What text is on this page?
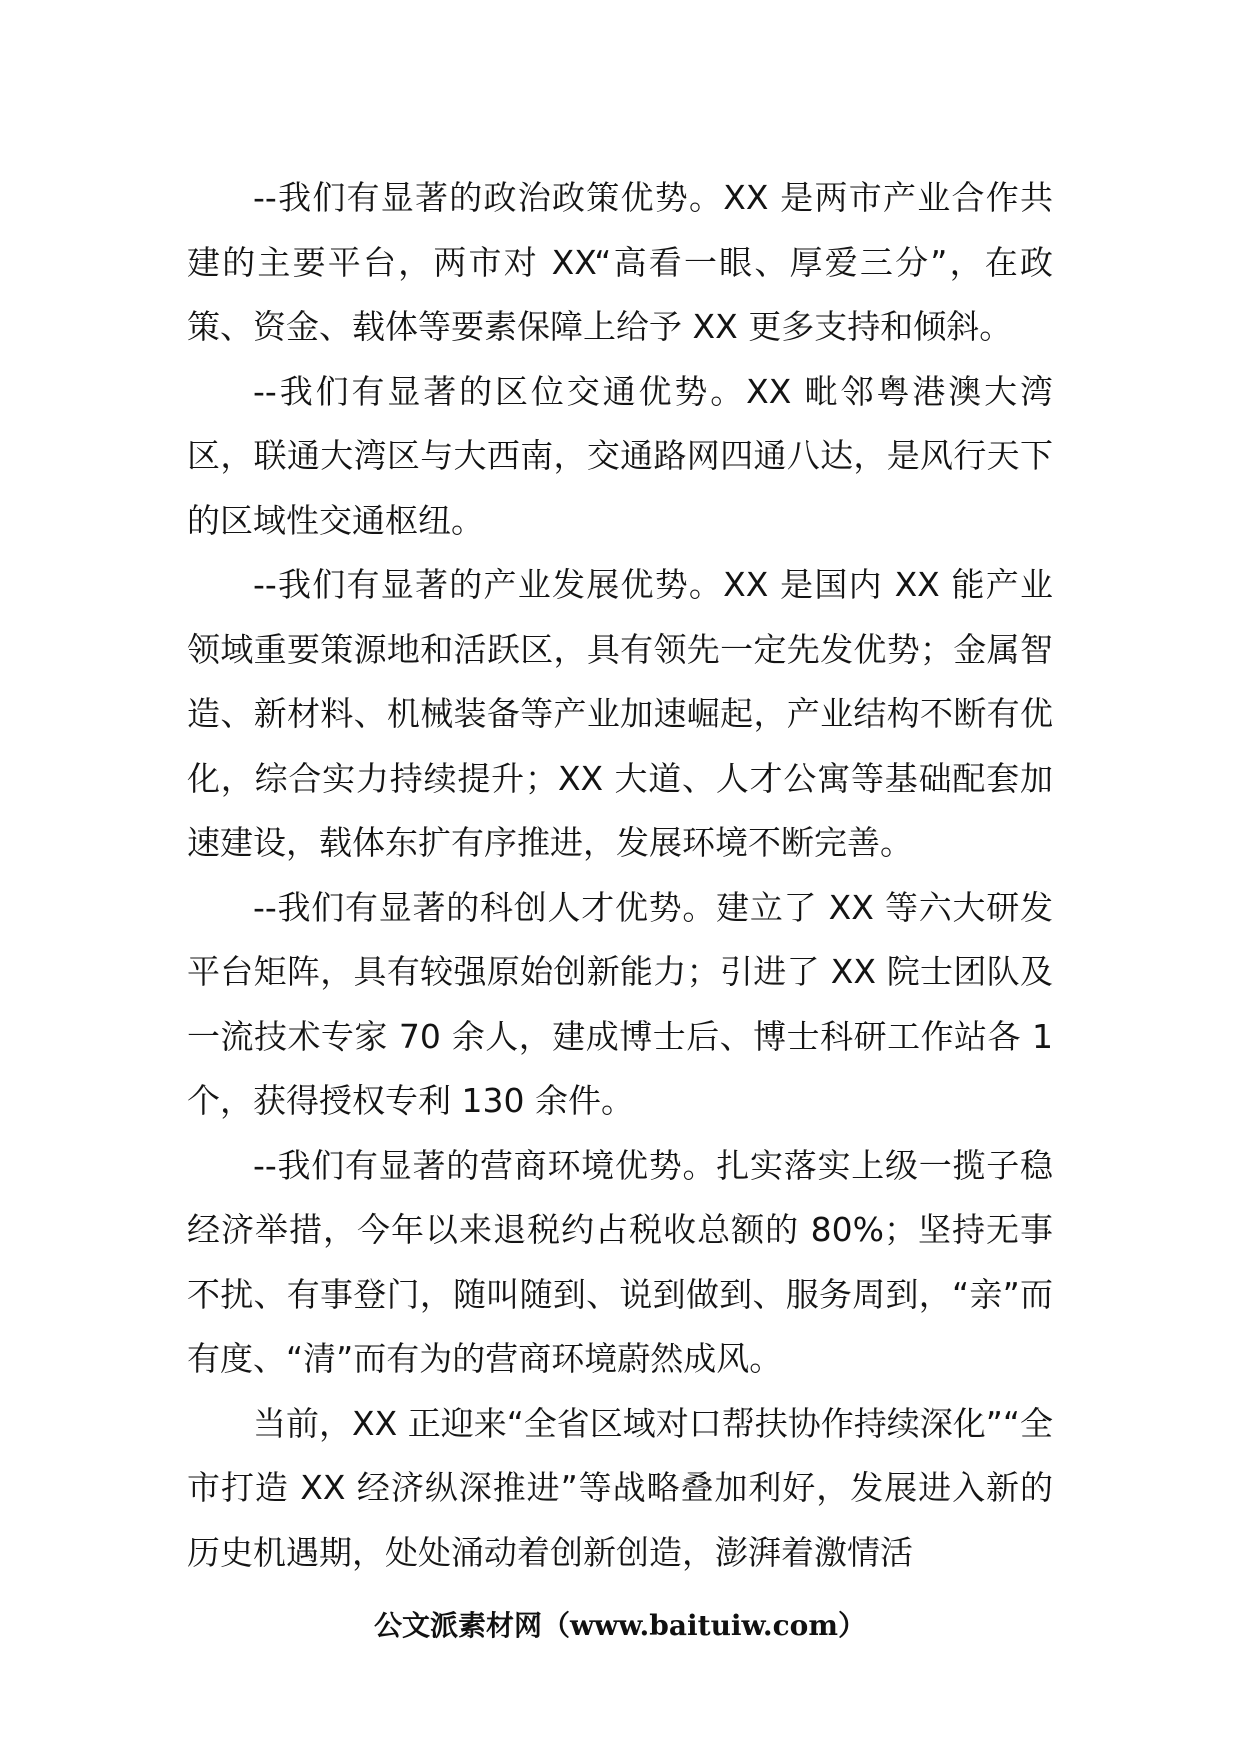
--我们有显著的政治政策优势。XX 是两市产业合作共建的主要平台，两市对 XX“高看一眼、厚爱三分”，在政策、资金、载体等要素保障上给予 XX 更多支持和倾斜。

--我们有显著的区位交通优势。XX 毗邻粤港澳大湾区，联通大湾区与大西南，交通路网四通八达，是风行天下的区域性交通枢纽。

--我们有显著的产业发展优势。XX 是国内 XX 能产业领域重要策源地和活跃区，具有领先一定先发优势；金属智造、新材料、机械装备等产业加速崛起，产业结构不断有优化，综合实力持续提升；XX 大道、人才公寓等基础配套加速建设，载体东扩有序推进，发展环境不断完善。

--我们有显著的科创人才优势。建立了 XX 等六大研发平台矩阵，具有较强原始创新能力；引进了 XX 院士团队及一流技术专家 70 余人，建成博士后、博士科研工作站各 1 个，获得授权专利 130 余件。

--我们有显著的营商环境优势。扎实落实上级一揽子稳经济举措，今年以来退税约占税收总额的 80%；坚持无事不扰、有事登门，随叫随到、说到做到、服务周到，“亲”而有度、“清”而有为的营商环境蔚然成风。

当前，XX 正迎来“全省区域对口帮扶协作持续深化”“全市打造 XX 经济纵深推进”等战略叠加利好，发展进入新的历史机遇期，处处涌动着创新创造，澎湃着激情活

公文派素材网（www.baituiw.com）
